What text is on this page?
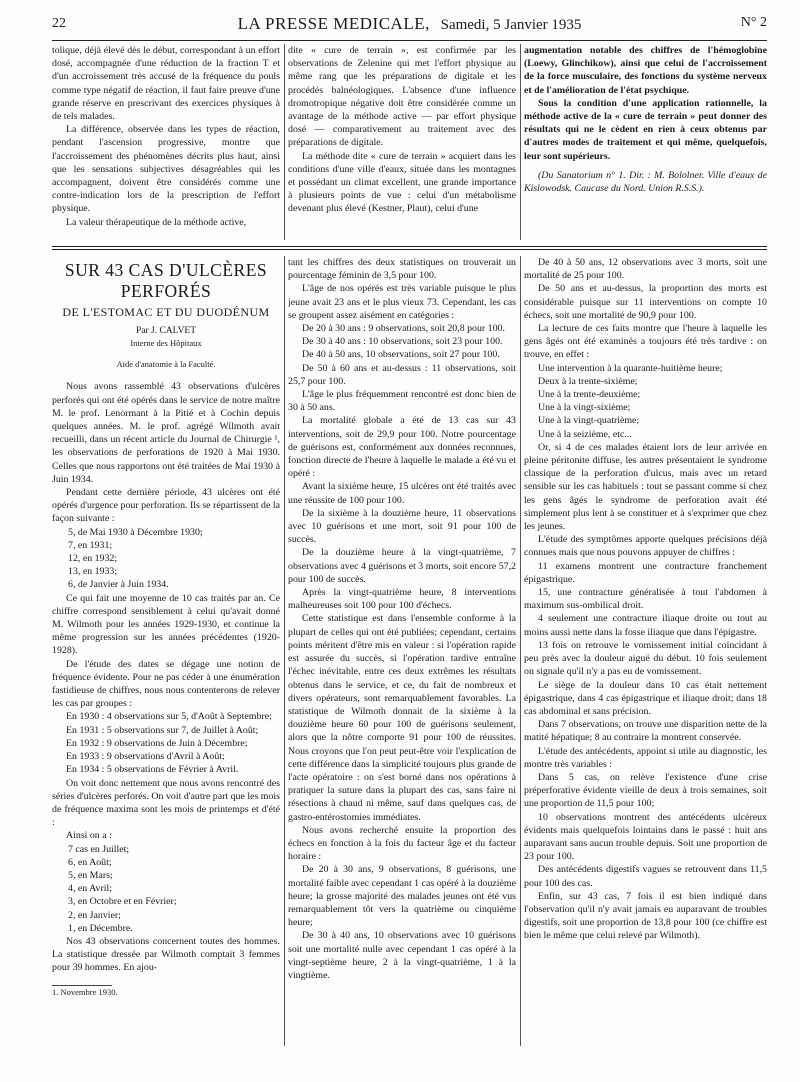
22	LA PRESSE MEDICALE, Samedi, 5 Janvier 1935	N° 2

tolique, déjà élevé dès le début, correspondant à un effort dosé, accompagnée d'une réduction de la fraction T et d'un accroissement très accusé de la fréquence du pouls comme type négatif de réaction, il faut faire preuve d'une grande réserve en prescrivant des exercices physiques à de tels malades.

La différence, observée dans les types de réaction, pendant l'ascension progressive, montre que l'accroissement des phénomènes décrits plus haut, ainsi que les sensations subjectives désagréables qui les accompagnent, doivent être considérés comme une contre-indication lors de la prescription de l'effort physique.

La valeur thérapeutique de la méthode active,

dite « cure de terrain », est confirmée par les observations de Zelenine qui met l'effort physique au même rang que les préparations de digitale et les procédés balnéologiques. L'absence d'une influence dromotropique négative doit être considérée comme un avantage de la méthode active — par effort physique dosé — comparativement au traitement avec des préparations de digitale.

La méthode dite « cure de terrain » acquiert dans les conditions d'une ville d'eaux, située dans les montagnes et possédant un climat excellent, une grande importance à plusieurs points de vue : celui d'un métabolisme devenant plus élevé (Kestner, Plaut), celui d'une

augmentation notable des chiffres de l'hémoglobine (Loewy, Glinchikow), ainsi que celui de l'accroissement de la force musculaire, des fonctions du système nerveux et de l'amélioration de l'état psychique.

Sous la condition d'une application rationnelle, la méthode active de la « cure de terrain » peut donner des résultats qui ne le cèdent en rien à ceux obtenus par d'autres modes de traitement et qui même, quelquefois, leur sont supérieurs.

(Du Sanatorium n° 1. Dir. : M. Bololner. Ville d'eaux de Kislowodsk. Caucase du Nord. Union R.S.S.).

SUR 43 CAS D'ULCÈRES
PERFORÉS
DE L'ESTOMAC ET DU DUODÉNUM
Par J. CALVET
Interne des Hôpitaux
Aide d'anatomie à la Faculté.

Nous avons rassemblé 43 observations d'ulcères perforés qui ont été opérés dans le service de notre maître M. le prof. Lenormant à la Pitié et à Cochin depuis quelques années. M. le prof. agrégé Wilmoth avait recueilli, dans un récent article du Journal de Chirurgie ¹, les observations de perforations de 1920 à Mai 1930. Celles que nous rapportons ont été traitées de Mai 1930 à Juin 1934.

Pendant cette dernière période, 43 ulcères ont été opérés d'urgence pour perforation. Ils se répartissent de la façon suivante :

5, de Mai 1930 à Décembre 1930;

7, en 1931;

12, en 1932;

13, en 1933;

6, de Janvier à Juin 1934.

Ce qui fait une moyenne de 10 cas traités par an. Ce chiffre correspond sensiblement à celui qu'avait donné M. Wilmoth pour les années 1929-1930, et continue la même progression sur les années précédentes (1920-1928).

De l'étude des dates se dégage une notion de fréquence évidente. Pour ne pas céder à une énumération fastidieuse de chiffres, nous nous contenterons de relever les cas par groupes :

En 1930 : 4 observations sur 5, d'Août à Septembre;

En 1931 : 5 observations sur 7, de Juillet à Août;

En 1932 : 9 observations de Juin à Décembre;

En 1933 : 9 observations d'Avril à Août;

En 1934 : 5 observations de Février à Avril.

On voit donc nettement que nous avons rencontré des séries d'ulcères perforés. On voit d'autre part que les mois de fréquence maxima sont les mois de printemps et d'été :

Ainsi on a :

7 cas en Juillet;

6, en Août;

5, en Mars;

4, en Avril;

3, en Octobre et en Février;

2, en Janvier;

1, en Décembre.

Nos 43 observations concernent toutes des hommes. La statistique dressée par Wilmoth comptait 3 femmes pour 39 hommes. En ajou-

1. Novembre 1930.

tant les chiffres des deux statistiques on trouverait un pourcentage féminin de 3,5 pour 100.

L'âge de nos opérés est très variable puisque le plus jeune avait 23 ans et le plus vieux 73. Cependant, les cas se groupent assez aisément en catégories :

De 20 à 30 ans : 9 observations, soit 20,8 pour 100.

De 30 à 40 ans : 10 observations, soit 23 pour 100.

De 40 à 50 ans, 10 observations, soit 27 pour 100.

De 50 à 60 ans et au-dessus : 11 observations, soit 25,7 pour 100.

L'âge le plus fréquemment rencontré est donc bien de 30 à 50 ans.

La mortalité globale a été de 13 cas sur 43 interventions, soit de 29,9 pour 100. Notre pourcentage de guérisons est, conformément aux données reconnues, fonction directe de l'heure à laquelle le malade a été vu et opéré :

Avant la sixième heure, 15 ulcères ont été traités avec une réussite de 100 pour 100.

De la sixième à la douzième heure, 11 observations avec 10 guérisons et une mort, soit 91 pour 100 de succès.

De la douzième heure à la vingt-quatrième, 7 observations avec 4 guérisons et 3 morts, soit encore 57,2 pour 100 de succès.

Après la vingt-quatrième heure, 8 interventions malheureuses soit 100 pour 100 d'échecs.

Cette statistique est dans l'ensemble conforme à la plupart de celles qui ont été publiées; cependant, certains points méritent d'être mis en valeur : si l'opération rapide est assurée du succès, si l'opération tardive entraîne l'échec inévitable, entre ces deux extrêmes les résultats obtenus dans le service, et ce, du fait de nombreux et divers opérateurs, sont remarquablement favorables. La statistique de Wilmoth donnait de la sixième à la douzième heure 60 pour 100 de guérisons seulement, alors que la nôtre comporte 91 pour 100 de réussites. Nous croyons que l'on peut peut-être voir l'explication de cette différence dans la simplicité toujours plus grande de l'acte opératoire : on s'est borné dans nos opérations à pratiquer la suture dans la plupart des cas, sans faire ni résections à chaud ni même, sauf dans quelques cas, de gastro-entérostomies immédiates.

Nous avons recherché ensuite la proportion des échecs en fonction à la fois du facteur âge et du facteur horaire :

De 20 à 30 ans, 9 observations, 8 guérisons, une mortalité faible avec cependant 1 cas opéré à la douzième heure; la grosse majorité des malades jeunes ont été vus remarquablement tôt vers la quatrième ou cinquième heure;

De 30 à 40 ans, 10 observations avec 10 guérisons soit une mortalité nulle avec cependant 1 cas opéré à la vingt-septième heure, 2 à la vingt-quatrième, 1 à la vingtième.

De 40 à 50 ans, 12 observations avec 3 morts, soit une mortalité de 25 pour 100.

De 50 ans et au-dessus, la proportion des morts est considérable puisque sur 11 interventions on compte 10 échecs, soit une mortalité de 90,9 pour 100.

La lecture de ces faits montre que l'heure à laquelle les gens âgés ont été examinés a toujours été très tardive : on trouve, en effet :

Une intervention à la quarante-huitième heure;

Deux à la trente-sixième;

Une à la trente-deuxième;

Une à la vingt-sixième;

Une à la vingt-quatrième;

Une à la seizième, etc...

Or, si 4 de ces malades étaient lors de leur arrivée en pleine péritonite diffuse, les autres présentaient le syndrome classique de la perforation d'ulcus, mais avec un retard sensible sur les cas habituels : tout se passant comme si chez les gens âgés le syndrome de perforation avait été simplement plus lent à se constituer et à s'exprimer que chez les jeunes.

L'étude des symptômes apporte quelques précisions déjà connues mais que nous pouvons appuyer de chiffres :

11 examens montrent une contracture franchement épigastrique.

15, une contracture généralisée à tout l'abdomen à maximum sus-ombilical droit.

4 seulement une contracture iliaque droite ou tout au moins aussi nette dans la fosse iliaque que dans l'épigastre.

13 fois on retrouve le vomissement initial coïncidant à peu près avec la douleur aiguë du début. 10 fois seulement on signale qu'il n'y a pas eu de vomissement.

Le siège de la douleur dans 10 cas était nettement épigastrique, dans 4 cas épigastrique et iliaque droit; dans 18 cas abdominal et sans précision.

Dans 7 observations, on trouve une disparition nette de la matité hépatique; 8 au contraire la montrent conservée.

L'étude des antécédents, appoint si utile au diagnostic, les montre très variables :

Dans 5 cas, on relève l'existence d'une crise préperforative évidente vieille de deux à trois semaines, soit une proportion de 11,5 pour 100;

10 observations montrent des antécédents ulcéreux évidents mais quelquefois lointains dans le passé : huit ans auparavant sans aucun trouble depuis. Soit une proportion de 23 pour 100.

Des antécédents digestifs vagues se retrouvent dans 11,5 pour 100 des cas.

Enfin, sur 43 cas, 7 fois il est bien indiqué dans l'observation qu'il n'y avait jamais eu auparavant de troubles digestifs, soit une proportion de 13,8 pour 100 (ce chiffre est bien le même que celui relevé par Wilmoth).
